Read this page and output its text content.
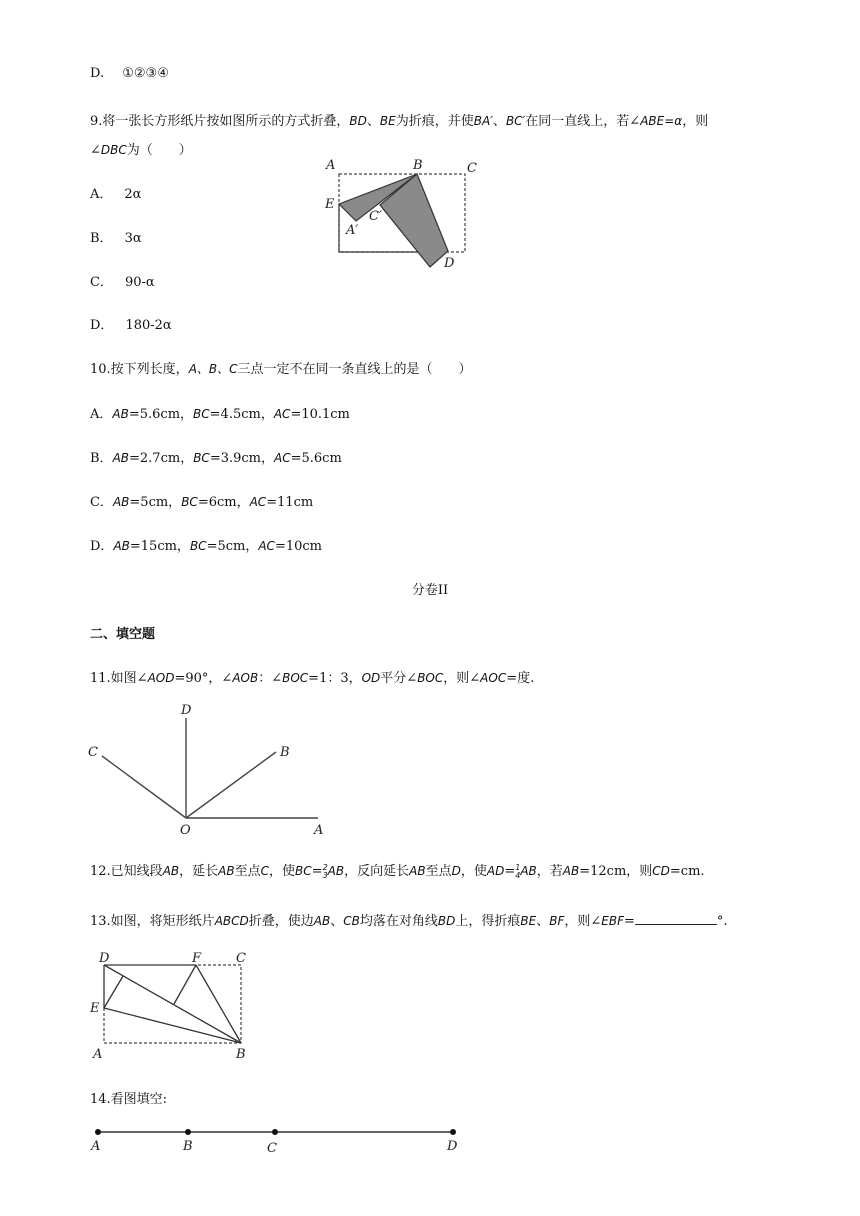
D. ①②③④
9.将一张长方形纸片按如图所示的方式折叠，BD、BE为折痕，并使BA′、BC′在同一直线上，若∠ABE=α，则
∠DBC为（　　）
A． 2α
B． 3α
C． 90-α
D． 180-2α
A	B	C
E
A′
C′
D
10.按下列长度，A、B、C三点一定不在同一条直线上的是（　　）
A．AB=5.6cm，BC=4.5cm，AC=10.1cm
B．AB=2.7cm，BC=3.9cm，AC=5.6cm
C．AB=5cm，BC=6cm，AC=11cm
D．AB=15cm，BC=5cm，AC=10cm
分卷II
二、填空题
11.如图∠AOD=90°，∠AOB：∠BOC=1：3，OD平分∠BOC，则∠AOC=度.
D
C	B
O	A
12.已知线段AB，延长AB至点C，使BC= 2
3 AB，反向延长AB至点D，使AD= 1
4 AB，若AB=12cm，则CD=cm.
13.如图，将矩形纸片ABCD折叠，使边AB、CB均落在对角线BD上，得折痕BE、BF，则∠EBF=	°.
D	F	C
E
A	B
14.看图填空:
A	B	C	D
